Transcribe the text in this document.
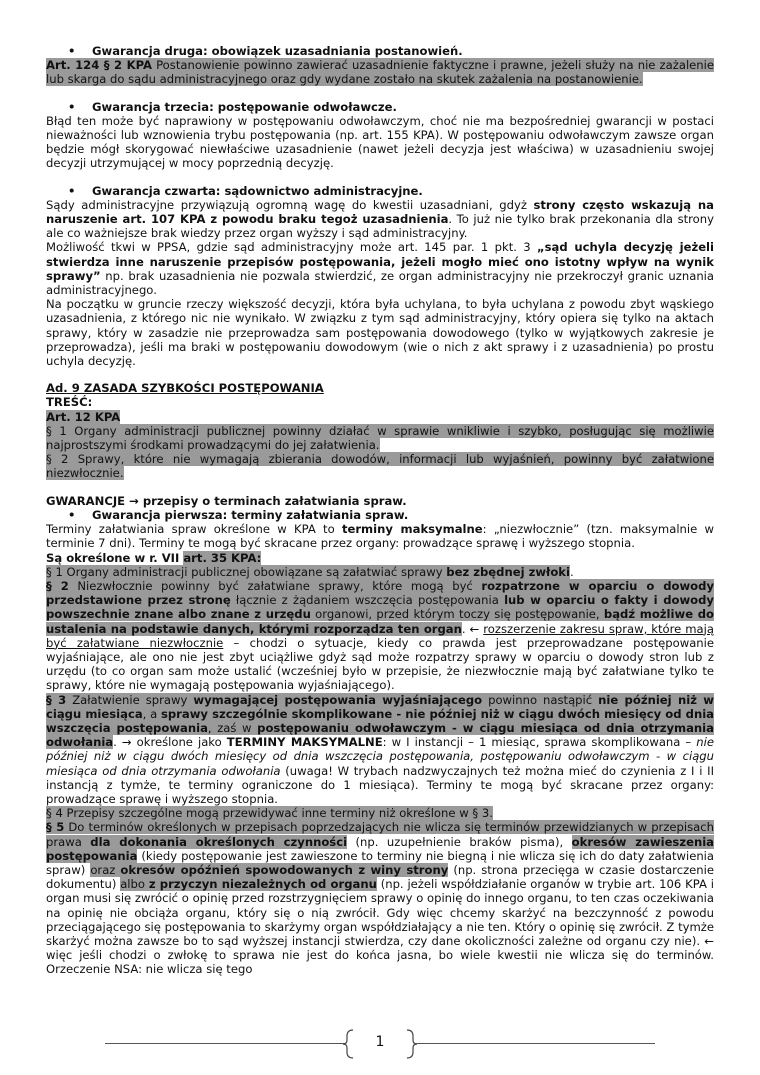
• Gwarancja druga: obowiązek uzasadniania postanowień.

Art. 124 § 2 KPA Postanowienie powinno zawierać uzasadnienie faktyczne i prawne, jeżeli służy na nie zażalenie lub skarga do sądu administracyjnego oraz gdy wydane zostało na skutek zażalenia na postanowienie.

• Gwarancja trzecia: postępowanie odwoławcze.

Błąd ten może być naprawiony w postępowaniu odwoławczym, choć nie ma bezpośredniej gwarancji w postaci nieważności lub wznowienia trybu postępowania (np. art. 155 KPA). W postępowaniu odwoławczym zawsze organ będzie mógł skorygować niewłaściwe uzasadnienie (nawet jeżeli decyzja jest właściwa) w uzasadnieniu swojej decyzji utrzymującej w mocy poprzednią decyzję.

• Gwarancja czwarta: sądownictwo administracyjne.

Sądy administracyjne przywiązują ogromną wagę do kwestii uzasadniani, gdyż strony często wskazują na naruszenie art. 107 KPA z powodu braku tegoż uzasadnienia. To już nie tylko brak przekonania dla strony ale co ważniejsze brak wiedzy przez organ wyższy i sąd administracyjny.

Możliwość tkwi w PPSA, gdzie sąd administracyjny może art. 145 par. 1 pkt. 3 „sąd uchyla decyzję jeżeli stwierdza inne naruszenie przepisów postępowania, jeżeli mogło mieć ono istotny wpływ na wynik sprawy” np. brak uzasadnienia nie pozwala stwierdzić, ze organ administracyjny nie przekroczył granic uznania administracyjnego.

Na początku w gruncie rzeczy większość decyzji, która była uchylana, to była uchylana z powodu zbyt wąskiego uzasadnienia, z którego nic nie wynikało. W związku z tym sąd administracyjny, który opiera się tylko na aktach sprawy, który w zasadzie nie przeprowadza sam postępowania dowodowego (tylko w wyjątkowych zakresie je przeprowadza), jeśli ma braki w postępowaniu dowodowym (wie o nich z akt sprawy i z uzasadnienia) po prostu uchyla decyzję.

Ad. 9 ZASADA SZYBKOŚCI POSTĘPOWANIA

TREŚĆ:

Art. 12 KPA

§ 1 Organy administracji publicznej powinny działać w sprawie wnikliwie i szybko, posługując się możliwie najprostszymi środkami prowadzącymi do jej załatwienia.

§ 2 Sprawy, które nie wymagają zbierania dowodów, informacji lub wyjaśnień, powinny być załatwione niezwłocznie.

GWARANCJE → przepisy o terminach załatwiania spraw.

• Gwarancja pierwsza: terminy załatwiania spraw.

Terminy załatwiania spraw określone w KPA to terminy maksymalne: „niezwłocznie” (tzn. maksymalnie w terminie 7 dni). Terminy te mogą być skracane przez organy: prowadzące sprawę i wyższego stopnia.

Są określone w r. VII art. 35 KPA:

§ 1 Organy administracji publicznej obowiązane są załatwiać sprawy bez zbędnej zwłoki.

§ 2 Niezwłocznie powinny być załatwiane sprawy, które mogą być rozpatrzone w oparciu o dowody przedstawione przez stronę łącznie z żądaniem wszczęcia postępowania lub w oparciu o fakty i dowody powszechnie znane albo znane z urzędu organowi, przed którym toczy się postępowanie, bądź możliwe do ustalenia na podstawie danych, którymi rozporządza ten organ. ← rozszerzenie zakresu spraw, które mają być załatwiane niezwłocznie – chodzi o sytuacje, kiedy co prawda jest przeprowadzane postępowanie wyjaśniające, ale ono nie jest zbyt uciążliwe gdyż sąd może rozpatrzy sprawy w oparciu o dowody stron lub z urzędu (to co organ sam może ustalić (wcześniej było w przepisie, że niezwłocznie mają być załatwiane tylko te sprawy, które nie wymagają postępowania wyjaśniającego).

§ 3 Załatwienie sprawy wymagającej postępowania wyjaśniającego powinno nastąpić nie później niż w ciągu miesiąca, a sprawy szczególnie skomplikowane - nie później niż w ciągu dwóch miesięcy od dnia wszczęcia postępowania, zaś w postępowaniu odwoławczym - w ciągu miesiąca od dnia otrzymania odwołania. → określone jako TERMINY MAKSYMALNE: w I instancji – 1 miesiąc, sprawa skomplikowana – nie później niż w ciągu dwóch miesięcy od dnia wszczęcia postępowania, postępowaniu odwoławczym - w ciągu miesiąca od dnia otrzymania odwołania (uwaga! W trybach nadzwyczajnych też można mieć do czynienia z I i II instancją z tymże, te terminy ograniczone do 1 miesiąca). Terminy te mogą być skracane przez organy: prowadzące sprawę i wyższego stopnia.

§ 4 Przepisy szczególne mogą przewidywać inne terminy niż określone w § 3.

§ 5 Do terminów określonych w przepisach poprzedzających nie wlicza się terminów przewidzianych w przepisach prawa dla dokonania określonych czynności (np. uzupełnienie braków pisma), okresów zawieszenia postępowania (kiedy postępowanie jest zawieszone to terminy nie biegną i nie wlicza się ich do daty załatwienia spraw) oraz okresów opóźnień spowodowanych z winy strony (np. strona przecięga w czasie dostarczenie dokumentu) albo z przyczyn niezależnych od organu (np. jeżeli współdziałanie organów w trybie art. 106 KPA i organ musi się zwrócić o opinię przed rozstrzygnięciem sprawy o opinię do innego organu, to ten czas oczekiwania na opinię nie obciąża organu, który się o nią zwrócił. Gdy więc chcemy skarżyć na bezczynność z powodu przeciągającego się postępowania to skarżymy organ współdziałający a nie ten. Który o opinię się zwrócił. Z tymże skarżyć można zawsze bo to sąd wyższej instancji stwierdza, czy dane okoliczności zależne od organu czy nie). ← więc jeśli chodzi o zwłokę to sprawa nie jest do końca jasna, bo wiele kwestii nie wlicza się do terminów. Orzeczenie NSA: nie wlicza się tego

1
